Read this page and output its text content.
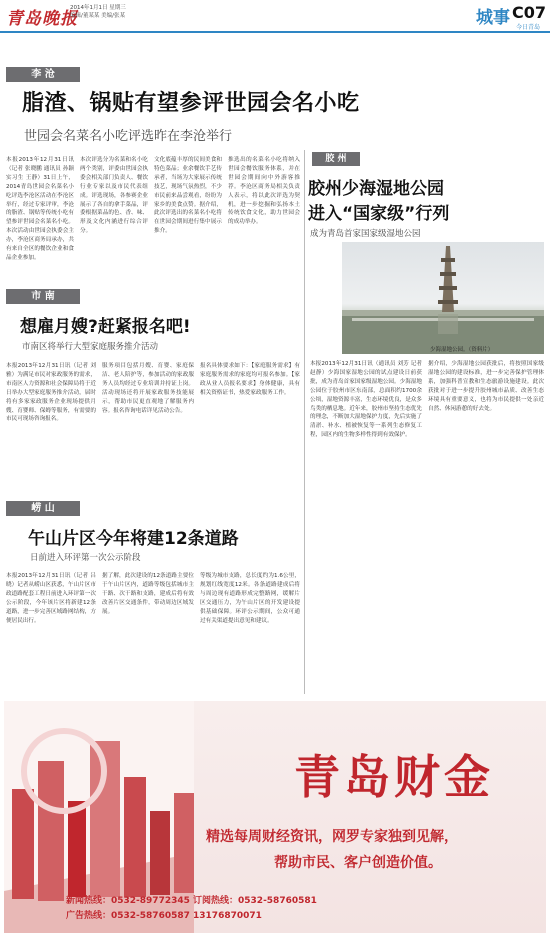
青岛晚报
2014年1月1日 星期三
编辑/董某某 美编/张某	城事 C07
今日青岛
李 沧
脂渣、锅贴有望参评世园会名小吃
世园会名菜名小吃评选昨在李沧举行
本报2013年12月31日讯（记者 张晓鹏 通讯员 孙颖 实习生 王静）31日上午，2014青岛世园会名菜名小吃评选李沧区活动在李沧区举行，经过专家评审，李沧的脂渣、锅贴等传统小吃有望参评世园会名菜名小吃。本次活动由世园会执委会主办，李沧区商务局承办，共有来自全区的餐饮企业和食品企业参加。
本次评选分为名菜和名小吃两个类别，评委由世园会执委会相关部门负责人、餐饮行业专家以及市民代表组成。评选现场，各参赛企业展示了各自的拿手菜品，评委根据菜品的色、香、味、形及文化内涵进行综合评分。
文化底蕴丰厚的民间美食和特色菜品；业余餐饮手艺传承者，当场为大家展示传统技艺，现场气氛热烈，不少市民前来品尝观看，纷纷为家乡的美食点赞。据介绍，此次评选出的名菜名小吃将在世园会期间进行集中展示推介。
推选出的名菜名小吃将纳入世园会餐饮服务体系，并在世园会期间向中外游客推荐。李沧区商务局相关负责人表示，将以此次评选为契机，进一步挖掘和弘扬本土传统饮食文化，助力世园会的成功举办。
胶 州
胶州少海湿地公园
进入“国家级”行列
成为青岛首家国家级湿地公园
少海湿地公园。（资料片）
本报2013年12月31日讯（通讯员 刘芳 记者 赵静）少海国家湿地公园的试点建设日前获批，成为青岛首家国家级湿地公园。少海湿地公园位于胶州市区东南部，总面积约1700余公顷，湿地资源丰富，生态环境优良，是众多鸟类的栖息地。近年来，胶州市坚持生态优先的理念，不断加大湿地保护力度，先后实施了清淤、补水、植被恢复等一系列生态修复工程，园区内的生物多样性得到有效保护。
据介绍，少海湿地公园获批后，将按照国家级湿地公园的建设标准，进一步完善保护管理体系，加强科普宣教和生态旅游设施建设。此次获批对于进一步提升胶州城市品质、改善生态环境具有重要意义，也将为市民提供一处亲近自然、休闲游憩的好去处。
市 南
想雇月嫂?赶紧报名吧!
市南区将举行大型家庭服务推介活动
本报2013年12月31日讯（记者 刘雅）为满足市民对家政服务的需求，市南区人力资源和社会保障局将于近日举办大型家庭服务推介活动，届时将有多家家政服务企业现场提供月嫂、育婴师、保姆等服务，有需要的市民可现场咨询报名。
服务项目包括月嫂、育婴、家庭保洁、老人陪护等，参加活动的家政服务人员均经过专业培训并持证上岗。活动现场还将开展家政服务技能展示，帮助市民更直观地了解服务内容。报名咨询电话详见活动公告。
报名具体要求如下：【家庭服务需求】有家庭服务需求的家庭均可报名参加。【家政从业人员报名要求】身体健康，具有相关资格证书，热爱家政服务工作。
崂 山
午山片区今年将建12条道路
日前进入环评第一次公示阶段
本报2013年12月31日讯（记者 吕晓）记者从崂山区获悉，午山片区市政道路配套工程日前进入环评第一次公示阶段，今年该片区将新建12条道路，进一步完善区域路网结构，方便居民出行。
据了解，此次建设的12条道路主要位于午山片区内，道路等级包括城市主干路、次干路和支路，建成后将有效改善片区交通条件，带动周边区域发展。
等级为城市支路，总长度约为1.6公里，规划红线宽度12米。各条道路建成后将与周边现有道路形成完整路网，缓解片区交通压力，为午山片区的开发建设提供基础保障。环评公示期间，公众可通过有关渠道提出意见和建议。
青岛财金
精选每周财经资讯，网罗专家独到见解，
帮助市民、客户创造价值。
新闻热线：0532-89772345 订阅热线：0532-58760581
广告热线：0532-58760587 13176870071
